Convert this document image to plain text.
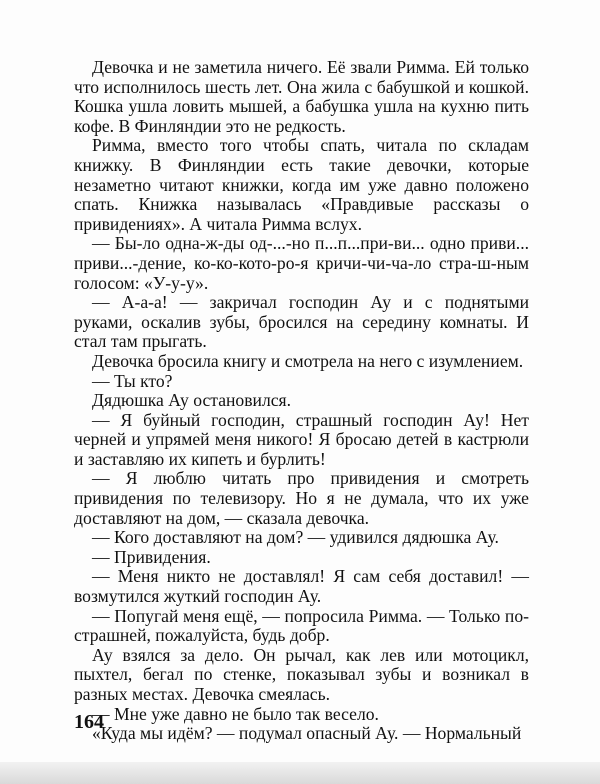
Девочка и не заметила ничего. Её звали Римма. Ей только что исполнилось шесть лет. Она жила с бабушкой и кошкой. Кошка ушла ловить мышей, а бабушка ушла на кухню пить кофе. В Финляндии это не редкость.

Римма, вместо того чтобы спать, читала по складам книжку. В Финляндии есть такие девочки, которые незаметно читают книжки, когда им уже давно положено спать. Книжка называлась «Правдивые рассказы о привидениях». А читала Римма вслух.

— Бы-ло одна-ж-ды од-...-но п...п...при-ви... одно приви... приви...-дение, ко-ко-кото-ро-я кричи-чи-ча-ло стра-ш-ным голосом: «У-у-у».

— А-а-а! — закричал господин Ау и с поднятыми руками, оскалив зубы, бросился на середину комнаты. И стал там прыгать.

Девочка бросила книгу и смотрела на него с изумлением.

— Ты кто?

Дядюшка Ау остановился.

— Я буйный господин, страшный господин Ау! Нет черней и упрямей меня никого! Я бросаю детей в кастрюли и заставляю их кипеть и бурлить!

— Я люблю читать про привидения и смотреть привидения по телевизору. Но я не думала, что их уже доставляют на дом, — сказала девочка.

— Кого доставляют на дом? — удивился дядюшка Ау.

— Привидения.

— Меня никто не доставлял! Я сам себя доставил! — возмутился жуткий господин Ау.

— Попугай меня ещё, — попросила Римма. — Только пострашней, пожалуйста, будь добр.

Ау взялся за дело. Он рычал, как лев или мотоцикл, пыхтел, бегал по стенке, показывал зубы и возникал в разных местах. Девочка смеялась.

— Мне уже давно не было так весело.

«Куда мы идём? — подумал опасный Ау. — Нормальный

164
